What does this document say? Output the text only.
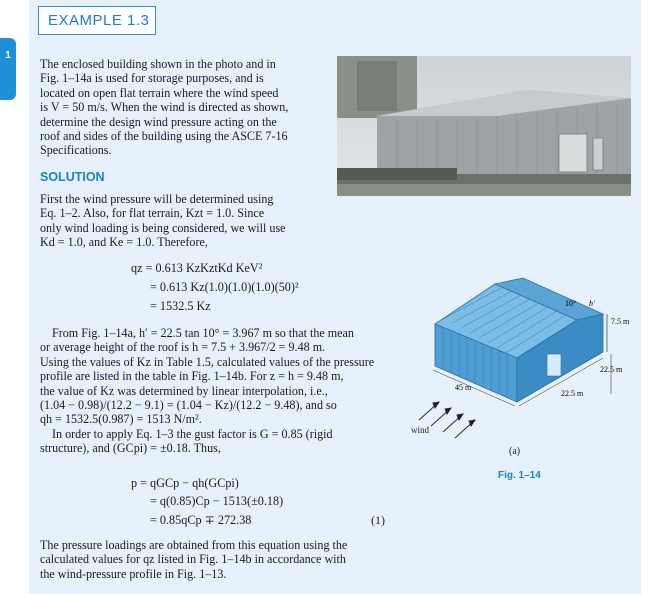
1
EXAMPLE 1.3
The enclosed building shown in the photo and in
Fig. 1–14a is used for storage purposes, and is
located on open flat terrain where the wind speed
is V = 50 m/s. When the wind is directed as shown,
determine the design wind pressure acting on the
roof and sides of the building using the ASCE 7-16
Specifications.
SOLUTION
First the wind pressure will be determined using
Eq. 1–2. Also, for flat terrain, Kzt = 1.0. Since
only wind loading is being considered, we will use
Kd = 1.0, and Ke = 1.0. Therefore,
qz = 0.613 KzKztKd KeV²
= 0.613 Kz(1.0)(1.0)(1.0)(50)²
= 1532.5 Kz
From Fig. 1–14a, h′ = 22.5 tan 10° = 3.967 m so that the mean
or average height of the roof is h = 7.5 + 3.967/2 = 9.48 m.
Using the values of Kz in Table 1.5, calculated values of the pressure
profile are listed in the table in Fig. 1–14b. For z = h = 9.48 m,
the value of Kz was determined by linear interpolation, i.e.,
(1.04 − 0.98)/(12.2 − 9.1) = (1.04 − Kz)/(12.2 − 9.48), and so
qh = 1532.5(0.987) = 1513 N/m².
In order to apply Eq. 1–3 the gust factor is G = 0.85 (rigid
structure), and (GCpi) = ±0.18. Thus,
p = qGCp − qh(GCpi)
= q(0.85)Cp − 1513(±0.18)
= 0.85qCp ∓ 272.38	(1)
The pressure loadings are obtained from this equation using the
calculated values for qz listed in Fig. 1–14b in accordance with
the wind-pressure profile in Fig. 1–13.
7.5 m
10° h′
22.5 m
22.5 m
45 m
wind
(a)
Fig. 1–14
